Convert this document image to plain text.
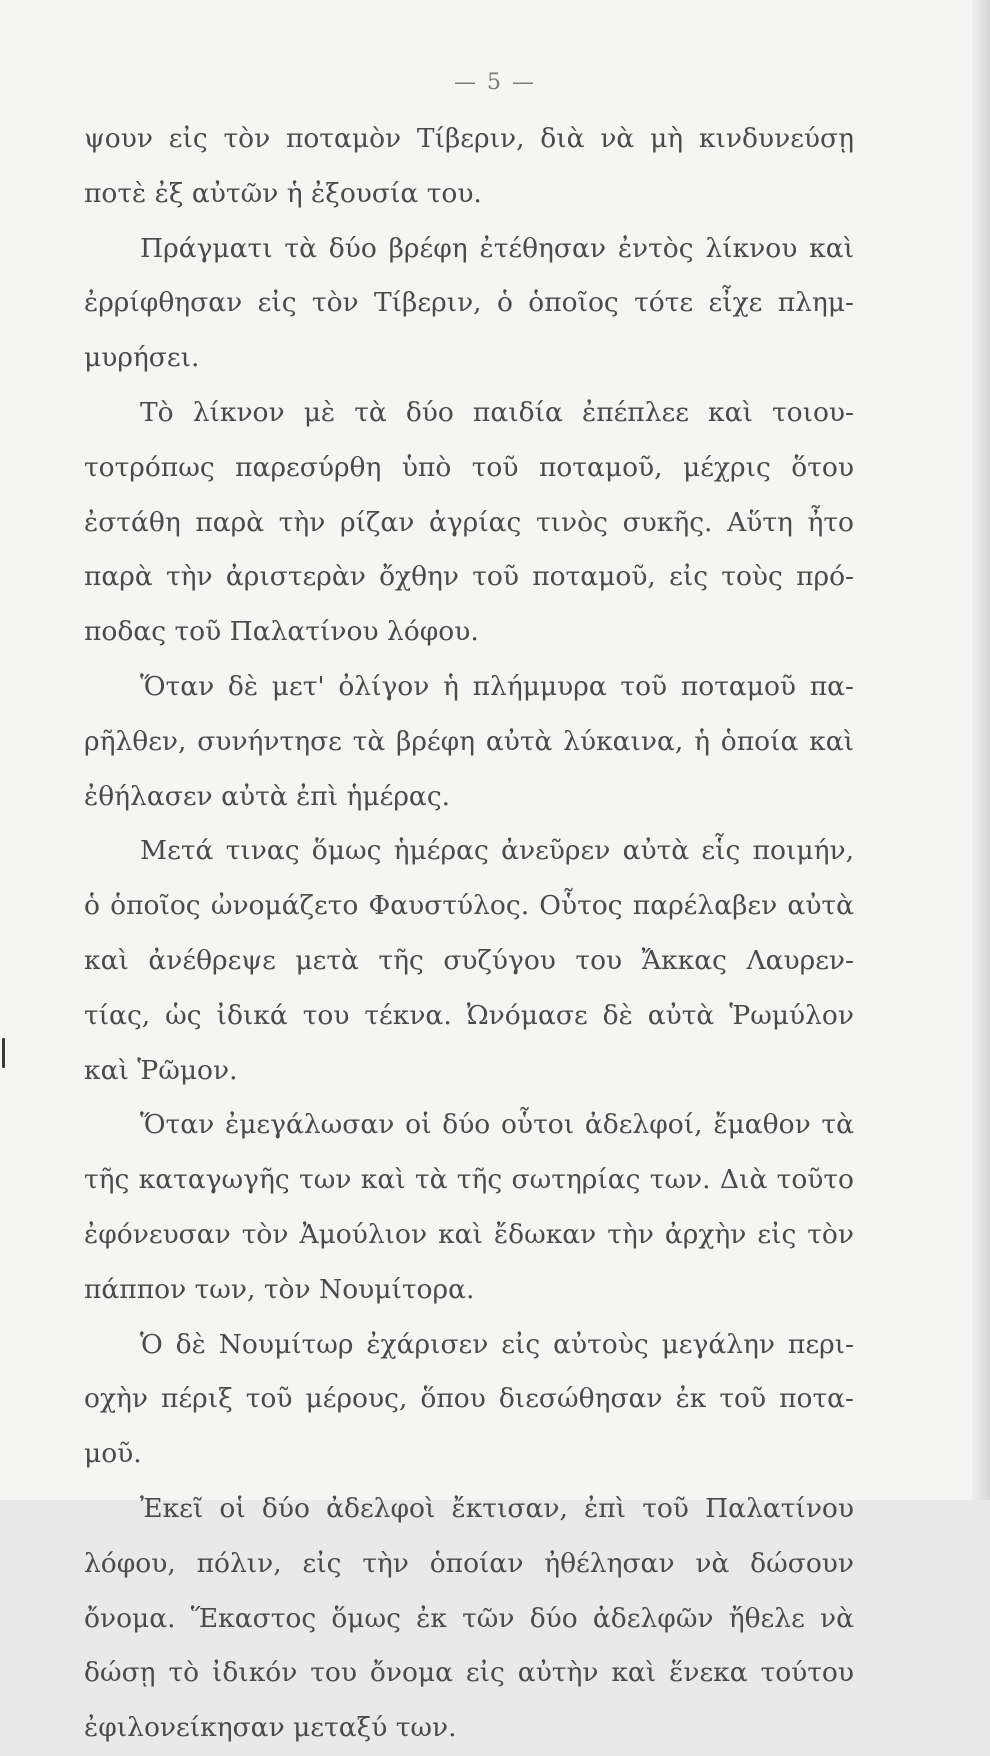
— 5 —
ψουν εἰς τὸν ποταμὸν Τίβεριν, διὰ νὰ μὴ κινδυνεύσῃ
ποτὲ ἐξ αὐτῶν ἡ ἐξουσία του.
Πράγματι τὰ δύο βρέφη ἐτέθησαν ἐντὸς λίκνου καὶ
ἐρρίφθησαν εἰς τὸν Τίβεριν, ὁ ὁποῖος τότε εἶχε πλημ-
μυρήσει.
Τὸ λίκνον μὲ τὰ δύο παιδία ἐπέπλεε καὶ τοιου-
τοτρόπως παρεσύρθη ὑπὸ τοῦ ποταμοῦ, μέχρις ὅτου
ἐστάθη παρὰ τὴν ρίζαν ἀγρίας τινὸς συκῆς. Αὕτη ἦτο
παρὰ τὴν ἀριστερὰν ὄχθην τοῦ ποταμοῦ, εἰς τοὺς πρό-
ποδας τοῦ Παλατίνου λόφου.
Ὅταν δὲ μετ' ὀλίγον ἡ πλήμμυρα τοῦ ποταμοῦ πα-
ρῆλθεν, συνήντησε τὰ βρέφη αὐτὰ λύκαινα, ἡ ὁποία καὶ
ἐθήλασεν αὐτὰ ἐπὶ ἡμέρας.
Μετά τινας ὅμως ἡμέρας ἀνεῦρεν αὐτὰ εἷς ποιμήν,
ὁ ὁποῖος ὠνομάζετο Φαυστύλος. Οὗτος παρέλαβεν αὐτὰ
καὶ ἀνέθρεψε μετὰ τῆς συζύγου του Ἄκκας Λαυρεν-
τίας, ὡς ἰδικά του τέκνα. Ὠνόμασε δὲ αὐτὰ Ῥωμύλον
καὶ Ῥῶμον.
Ὅταν ἐμεγάλωσαν οἱ δύο οὗτοι ἀδελφοί, ἔμαθον τὰ
τῆς καταγωγῆς των καὶ τὰ τῆς σωτηρίας των. Διὰ τοῦτο
ἐφόνευσαν τὸν Ἀμούλιον καὶ ἔδωκαν τὴν ἀρχὴν εἰς τὸν
πάππον των, τὸν Νουμίτορα.
Ὁ δὲ Νουμίτωρ ἐχάρισεν εἰς αὐτοὺς μεγάλην περι-
οχὴν πέριξ τοῦ μέρους, ὅπου διεσώθησαν ἐκ τοῦ ποτα-
μοῦ.
Ἐκεῖ οἱ δύο ἀδελφοὶ ἔκτισαν, ἐπὶ τοῦ Παλατίνου
λόφου, πόλιν, εἰς τὴν ὁποίαν ἠθέλησαν νὰ δώσουν
ὄνομα. Ἕκαστος ὅμως ἐκ τῶν δύο ἀδελφῶν ἤθελε νὰ
δώσῃ τὸ ἰδικόν του ὄνομα εἰς αὐτὴν καὶ ἕνεκα τούτου
ἐφιλονείκησαν μεταξύ των.
